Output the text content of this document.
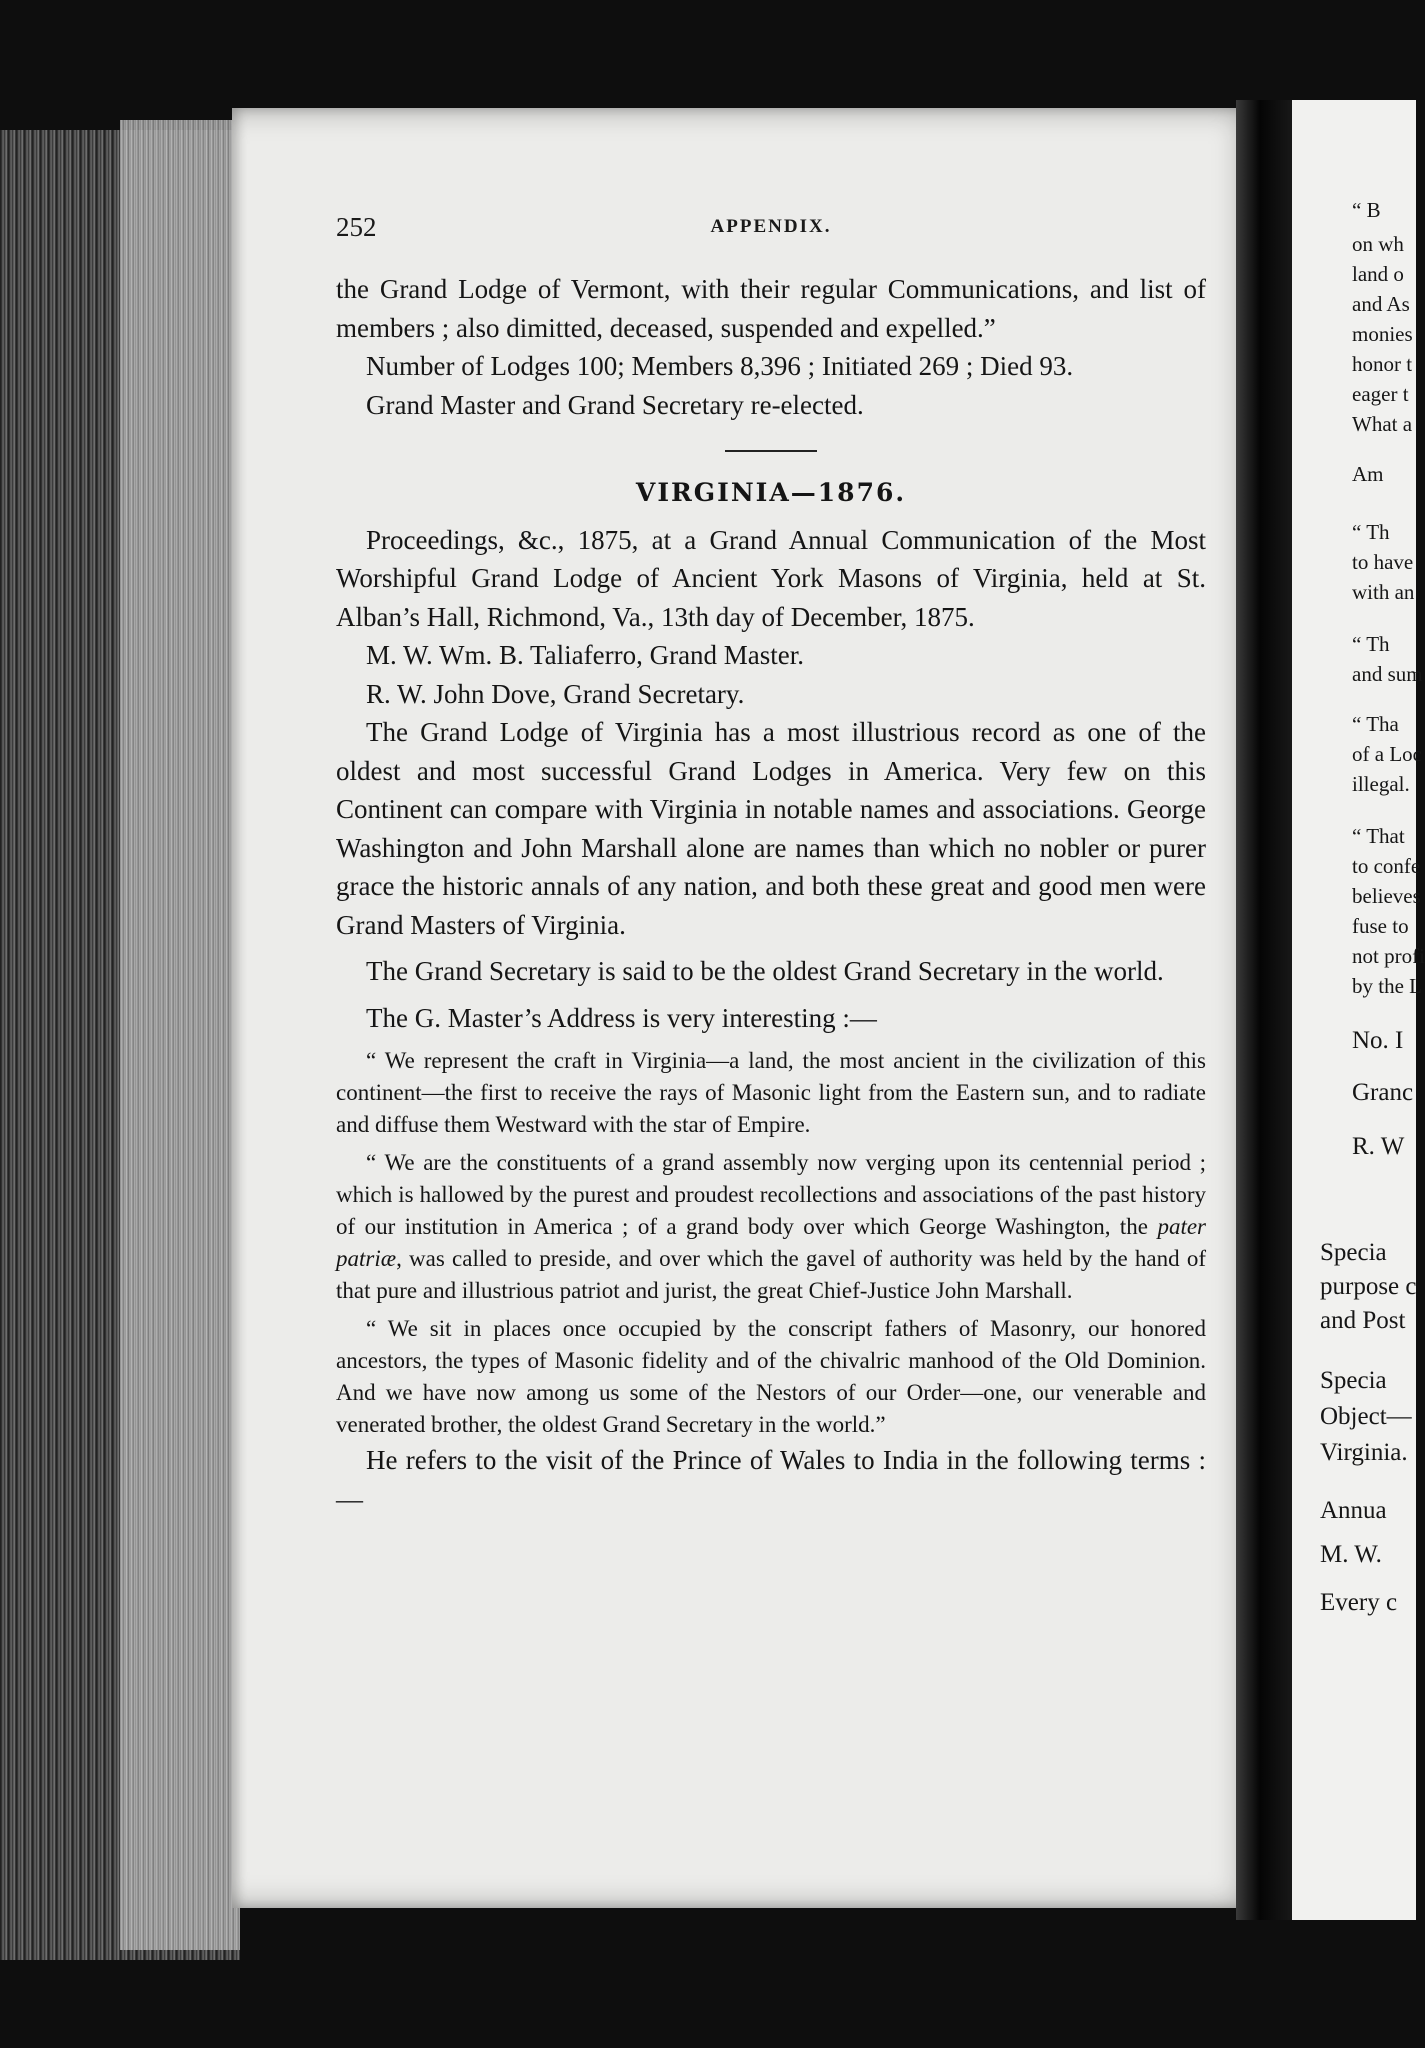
“ B
on wh
land o
and As
monies
honor t
eager t
What a
Am
“ Th
to have
with an
“ Th
and sum
“ Tha
of a Loc
illegal.
“ That
to confe
believes
fuse to
not profi
by the L
No. I
Granc
R. W
Specia
purpose c
and Post
Specia
Object—
Virginia.
Annua
M. W.
Every c
252	APPENDIX.

the Grand Lodge of Vermont, with their regular Communications, and list of members ; also dimitted, deceased, suspended and expelled.”

Number of Lodges 100; Members 8,396 ; Initiated 269 ; Died 93.

Grand Master and Grand Secretary re-elected.

VIRGINIA—1876.

Proceedings, &c., 1875, at a Grand Annual Communication of the Most Worshipful Grand Lodge of Ancient York Masons of Virginia, held at St. Alban’s Hall, Richmond, Va., 13th day of December, 1875.

M. W. Wm. B. Taliaferro, Grand Master.

R. W. John Dove, Grand Secretary.

The Grand Lodge of Virginia has a most illustrious record as one of the oldest and most successful Grand Lodges in America. Very few on this Continent can compare with Virginia in notable names and associations. George Washington and John Marshall alone are names than which no nobler or purer grace the historic annals of any nation, and both these great and good men were Grand Masters of Virginia.

The Grand Secretary is said to be the oldest Grand Secretary in the world.

The G. Master’s Address is very interesting :—

“ We represent the craft in Virginia—a land, the most ancient in the civilization of this continent—the first to receive the rays of Masonic light from the Eastern sun, and to radiate and diffuse them Westward with the star of Empire.

“ We are the constituents of a grand assembly now verging upon its centennial period ; which is hallowed by the purest and proudest recollections and associations of the past history of our institution in America ; of a grand body over which George Washington, the pater patriæ, was called to preside, and over which the gavel of authority was held by the hand of that pure and illustrious patriot and jurist, the great Chief-Justice John Marshall.

“ We sit in places once occupied by the conscript fathers of Masonry, our honored ancestors, the types of Masonic fidelity and of the chivalric manhood of the Old Dominion. And we have now among us some of the Nestors of our Order—one, our venerable and venerated brother, the oldest Grand Secretary in the world.”

He refers to the visit of the Prince of Wales to India in the following terms :—
